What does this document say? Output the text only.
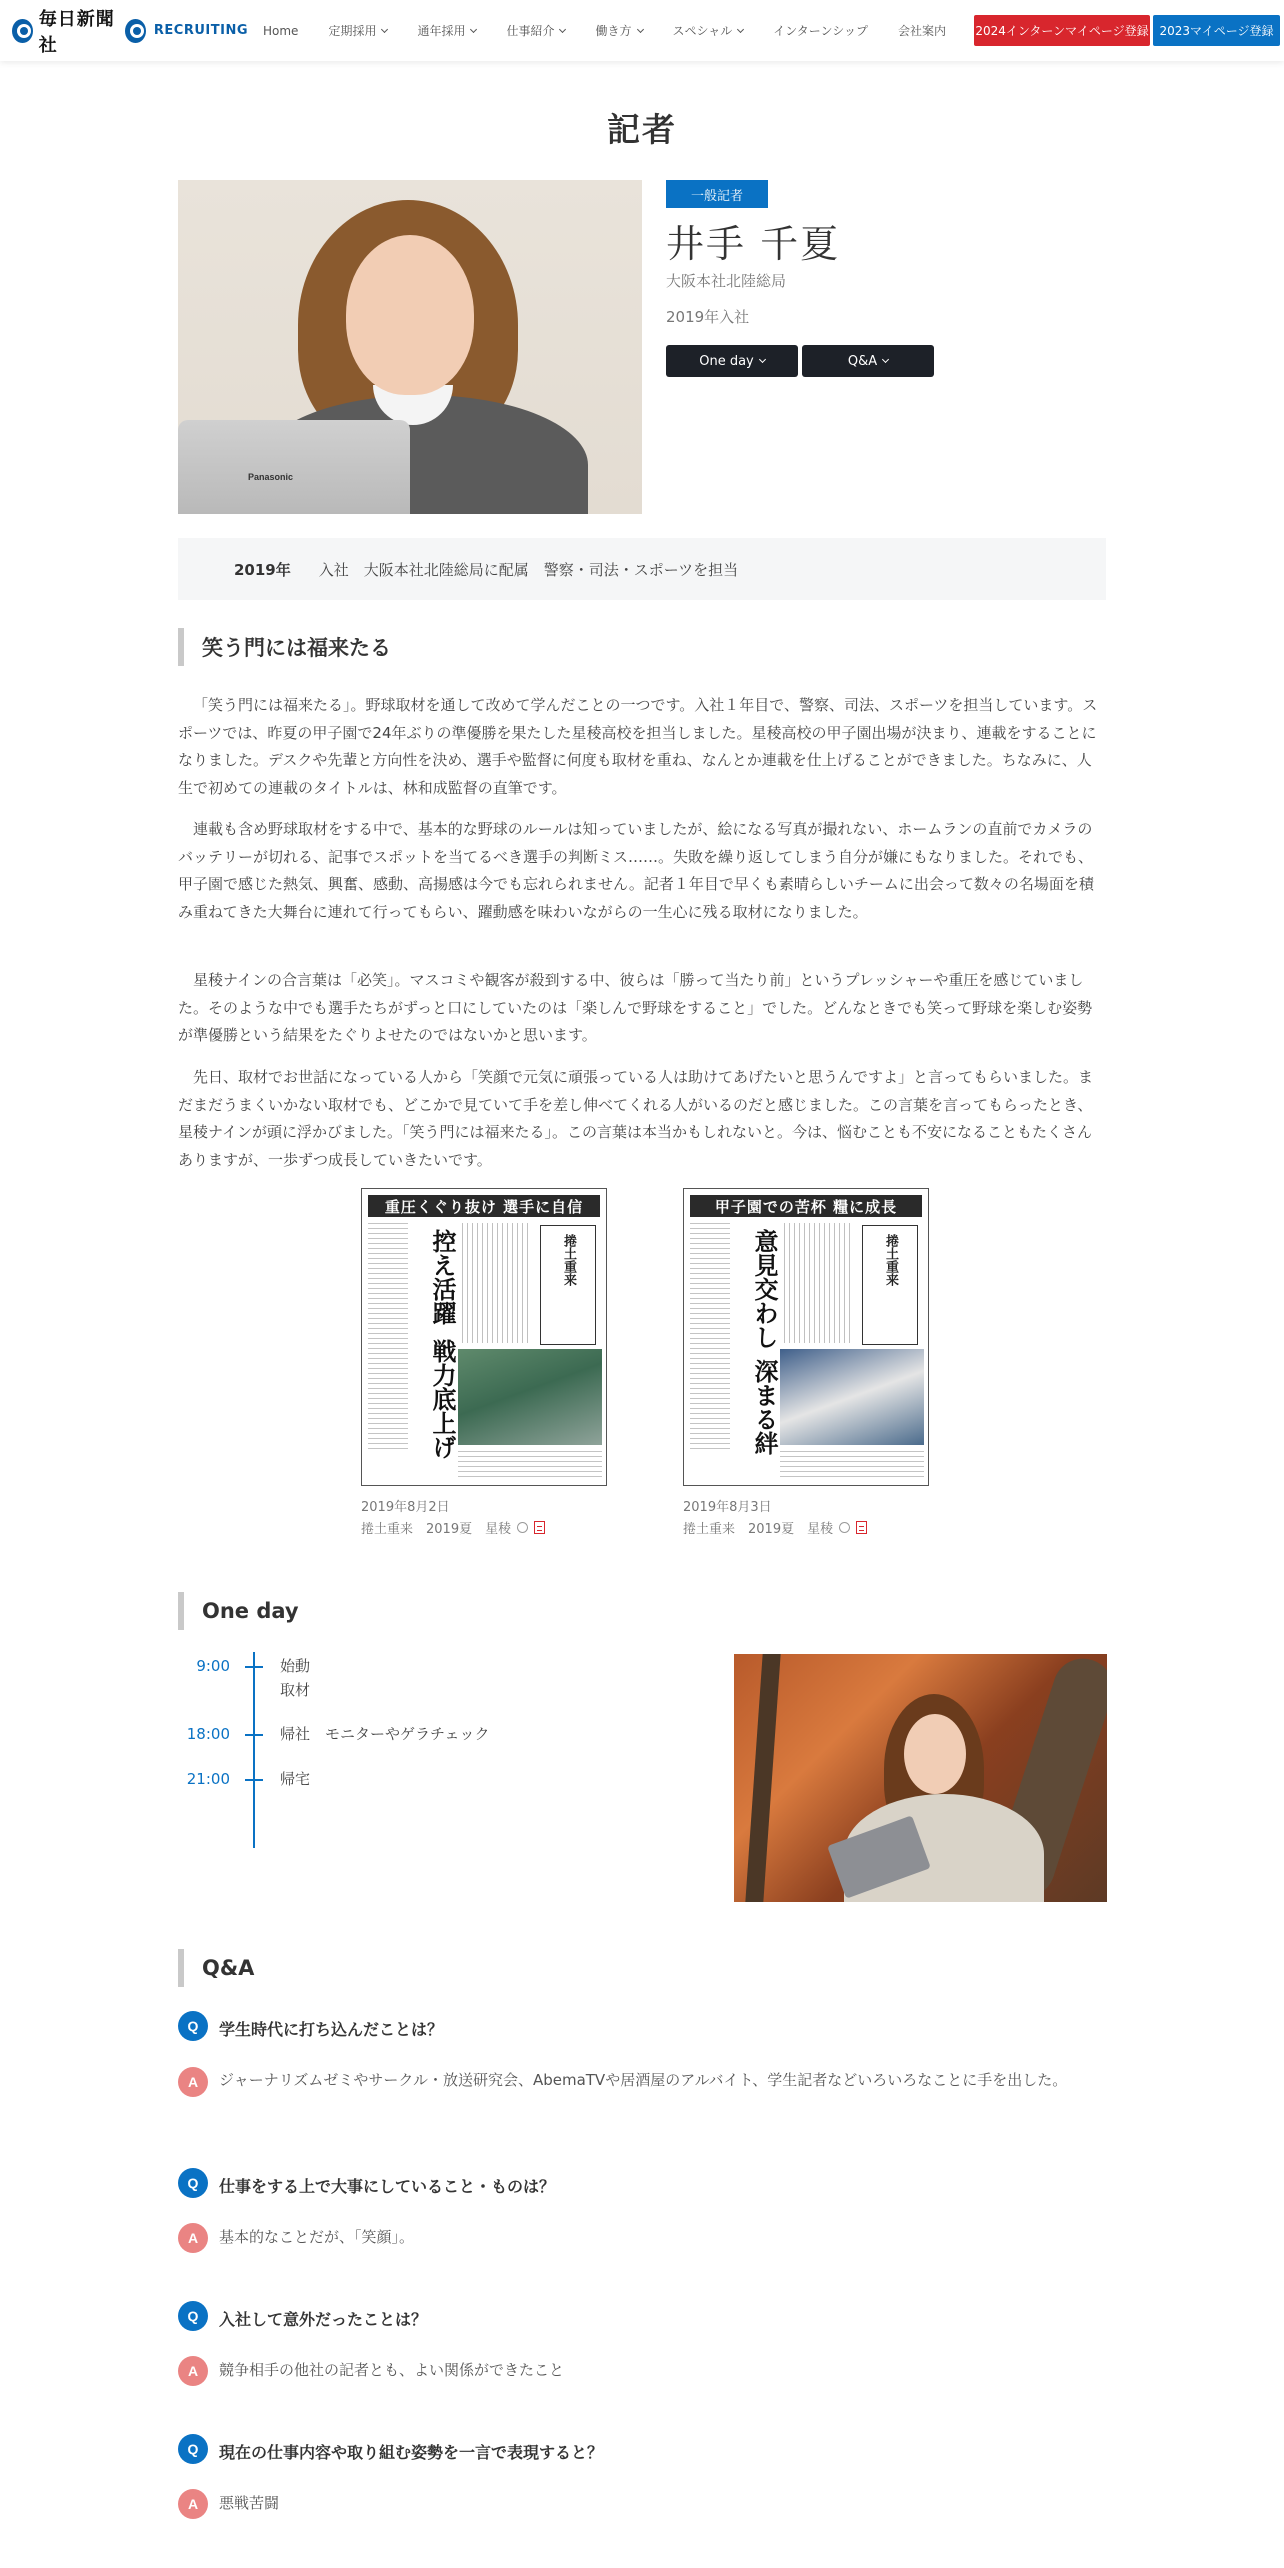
毎日新聞社
RECRUITING Home	定期採用	通年採用	仕事紹介	働き方	スペシャル	インターンシップ	会社案内 2024インターンマイページ登録 2023マイページ登録
記者
Panasonic
一般記者
井手 千夏
大阪本社北陸総局
2019年入社
One day	Q&A
2019年 入社　大阪本社北陸総局に配属　警察・司法・スポーツを担当
笑う門には福来たる

「笑う門には福来たる」。野球取材を通して改めて学んだことの一つです。入社１年目で、警察、司法、スポーツを担当しています。スポーツでは、昨夏の甲子園で24年ぶりの準優勝を果たした星稜高校を担当しました。星稜高校の甲子園出場が決まり、連載をすることになりました。デスクや先輩と方向性を決め、選手や監督に何度も取材を重ね、なんとか連載を仕上げることができました。ちなみに、人生で初めての連載のタイトルは、林和成監督の直筆です。

連載も含め野球取材をする中で、基本的な野球のルールは知っていましたが、絵になる写真が撮れない、ホームランの直前でカメラのバッテリーが切れる、記事でスポットを当てるべき選手の判断ミス……。失敗を繰り返してしまう自分が嫌にもなりました。それでも、甲子園で感じた熱気、興奮、感動、高揚感は今でも忘れられません。記者１年目で早くも素晴らしいチームに出会って数々の名場面を積み重ねてきた大舞台に連れて行ってもらい、躍動感を味わいながらの一生心に残る取材になりました。

星稜ナインの合言葉は「必笑」。マスコミや観客が殺到する中、彼らは「勝って当たり前」というプレッシャーや重圧を感じていました。そのような中でも選手たちがずっと口にしていたのは「楽しんで野球をすること」でした。どんなときでも笑って野球を楽しむ姿勢が準優勝という結果をたぐりよせたのではないかと思います。

先日、取材でお世話になっている人から「笑顔で元気に頑張っている人は助けてあげたいと思うんですよ」と言ってもらいました。まだまだうまくいかない取材でも、どこかで見ていて手を差し伸べてくれる人がいるのだと感じました。この言葉を言ってもらったとき、星稜ナインが頭に浮かびました。「笑う門には福来たる」。この言葉は本当かもしれないと。今は、悩むことも不安になることもたくさんありますが、一歩ずつ成長していきたいです。

重圧くぐり抜け 選手に自信
控え活躍
戦力底上げ
捲土重来
2019年8月2日
捲土重来　2019夏　星稜
甲子園での苦杯 糧に成長
意見交わし
深まる絆
捲土重来
2019年8月3日
捲土重来　2019夏　星稜
One day
9:00	始動
取材
18:00	帰社　モニターやゲラチェック
21:00	帰宅
Q&A
Q	学生時代に打ち込んだことは？
A	ジャーナリズムゼミやサークル・放送研究会、AbemaTVや居酒屋のアルバイト、学生記者などいろいろなことに手を出した。
Q	仕事をする上で大事にしていること・ものは？
A	基本的なことだが、「笑顔」。
Q	入社して意外だったことは？
A	競争相手の他社の記者とも、よい関係ができたこと
Q	現在の仕事内容や取り組む姿勢を一言で表現すると？
A	悪戦苦闘
